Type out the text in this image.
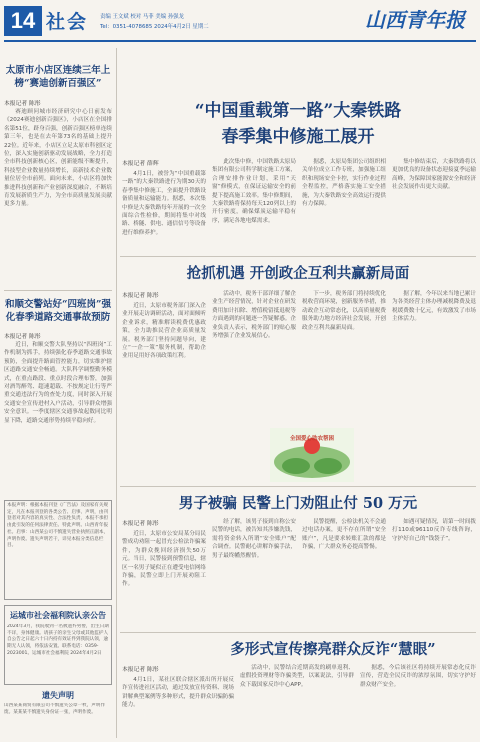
14 社会 责编 王文斌 校对 马菲 美编 孙强龙
Tel：0351-4078685 2024年4月2日 星期二	山西青年报
太原市小店区连续三年上榜“赛迪创新百强区”
本报记者 陈彤
赛迪顾问城市经济研究中心日前发布《2024赛迪创新百强区》，小店区在全国排名第51位，跻身百强，创新百强区榜单连续第三年，也是在去年第73名的基础上提升22位。近年来，小店区立足太原市科创区定位，深入实施创新驱动发展战略，全力打造全市科技创新核心区，创新能级不断提升，科技型企业数量持续增长，高新技术企业数量位居全市前列。面向未来，小店区将加快推进科技创新和产业创新深度融合，不断培育发展新质生产力，为全市高质量发展贡献更多力量。
和顺交警站好“四班岗”强化春季道路交通事故预防
本报记者 陈彤
近日，和顺交警大队坚持以“四班岗”工作机制为抓手，持续强化春季道路交通事故预防，全面提升路面管控能力，切实维护辖区道路交通安全畅通。大队科学调整勤务模式，在重点路段、重点时段合理布警，加强对酒驾醉驾、超速超载、不按规定让行等严重交通违法行为的查处力度，同时深入开展交通安全宣传进村入户活动，引导群众增强安全意识。一季度辖区交通事故起数同比明显下降，道路交通形势持续平稳向好。
本报声明：根据本报刊登《广告法》及国家有关规定，凡在本报刊登的各类公告、启事、声明，由刊登者对其内容的真实性、合法性负责，本报不承担由此引发的任何法律责任。特此声明。山西青年报社。启事：山西某公司不慎遗失营业执照正副本，声明作废。遗失声明若干，详见本报分类信息栏目。
运城市社会福利院认亲公告
2024年3月，我院收到一名被遗弃男婴，出生日期不详，身体健康。请孩子的亲生父母或其他监护人自公告之日起六十日内持有效证件到我院认领，逾期无人认领，将依法安置。联系电话：0359-2023001。运城市社会福利院 2024年4月2日
遗失声明
山西某某商贸有限公司不慎遗失公章一枚，声明作废。某某某不慎遗失身份证一张，声明作废。
“中国重载第一路”大秦铁路
春季集中修施工展开
本报记者 薛辉
4月1日，被誉为“中国重载第一路”的大秦铁路进行为期30天的春季集中修施工，全面提升铁路设备质量和运输能力。据悉，本次集中修是大秦铁路每年开展的一次全面综合性检修，期间将集中对线路、桥隧、供电、通信信号等设备进行维修养护。
此次集中修，中国铁路太原局集团有限公司科学制定施工方案，合理安排作业计划，采用“天窗”修模式，在保证运输安全的前提下提高施工效率。集中修期间，大秦铁路将保持每天120列以上的开行密度，确保煤炭运输平稳有序，满足各地电煤需求。
据悉，太原局集团公司组织相关单位成立工作专班，加强施工组织和现场安全卡控，实行作业过程全程监控，严格落实施工安全措施，为大秦铁路安全高效运行提供有力保障。
集中修结束后，大秦铁路将以更加优良的设备状态迎接夏季运输高峰，为保障国家能源安全和经济社会发展作出更大贡献。
抢抓机遇 开创政企互利共赢新局面
本报记者 陈彤
近日，太原市税务部门深入企业开展走访调研活动，面对面倾听企业诉求，精准解读税费优惠政策，全力助推民营企业高质量发展。税务部门坚持问题导向，建立“一企一策”服务机制，帮助企业用足用好各项政策红利。
活动中，税务干部详细了解企业生产经营情况，针对企业在研发费用加计扣除、增值税留抵退税等方面遇到的问题逐一答疑解惑。企业负责人表示，税务部门的贴心服务增强了企业发展信心。
下一步，税务部门将持续优化税收营商环境，创新服务举措，推动政企互动常态化，以高质量税费服务助力地方经济社会发展，开创政企互利共赢新局面。
据了解，今年以来当地已累计为各类经营主体办理减税降费及退税缓费数十亿元，有效激发了市场主体活力。
全国爱心助农帮困
男子被骗 民警上门劝阻止付 50 万元
本报记者 陈彤
近日，太原市公安局某分局民警成功劝阻一起冒充公检法诈骗案件，为群众挽回经济损失50万元。当日，民警接到预警信息，辖区一名男子疑似正在遭受电信网络诈骗，民警立即上门开展劝阻工作。
经了解，该男子接到自称公安民警的电话，被告知其涉嫌洗钱，需将资金转入所谓“安全账户”配合调查。民警耐心讲解诈骗手法，男子最终幡然醒悟。
民警提醒，公检法机关不会通过电话办案，更不存在所谓“安全账户”，凡是要求转账汇款的都是诈骗，广大群众务必提高警惕。
如遇可疑情况，请第一时间拨打110或96110反诈专线咨询，守护好自己的“钱袋子”。
多形式宣传擦亮群众反诈“慧眼”
本报记者 陈彤
4月1日，某社区联合辖区派出所开展反诈宣传进社区活动，通过发放宣传资料、现场讲解典型案例等多种形式，提升群众识骗防骗能力。
活动中，民警结合近期高发的刷单返利、虚假投资理财等诈骗类型，以案说法，引导群众下载国家反诈中心APP。
据悉，今后该社区将持续开展常态化反诈宣传，营造全民反诈的浓厚氛围，切实守护好群众财产安全。
